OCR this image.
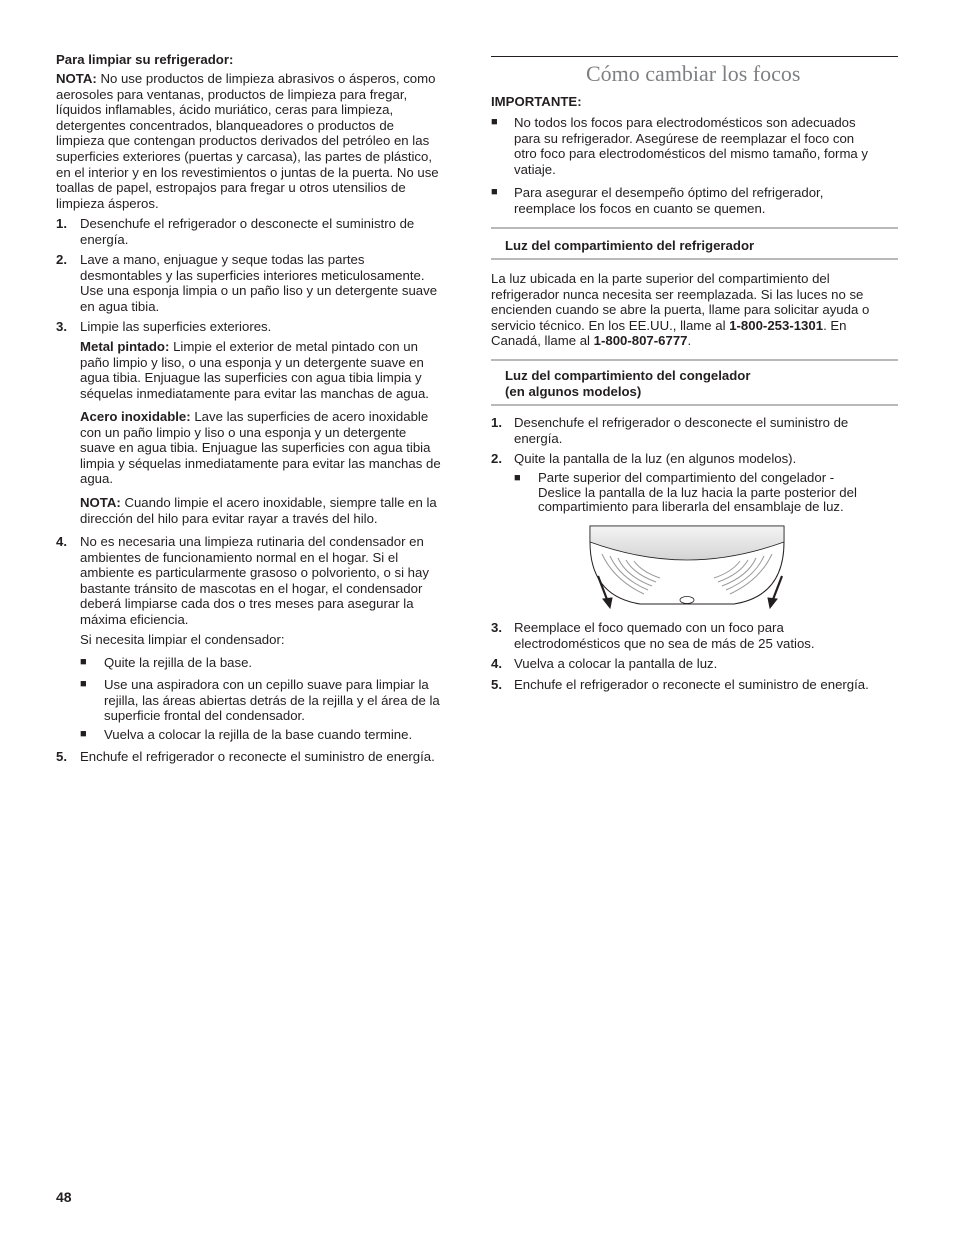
Para limpiar su refrigerador:

NOTA: No use productos de limpieza abrasivos o ásperos, como

aerosoles para ventanas, productos de limpieza para fregar,

líquidos inflamables, ácido muriático, ceras para limpieza,

detergentes concentrados, blanqueadores o productos de

limpieza que contengan productos derivados del petróleo en las

superficies exteriores (puertas y carcasa), las partes de plástico,

en el interior y en los revestimientos o juntas de la puerta. No use

toallas de papel, estropajos para fregar u otros utensilios de

limpieza ásperos.

1. Desenchufe el refrigerador o desconecte el suministro de

energía.

2. Lave a mano, enjuague y seque todas las partes

desmontables y las superficies interiores meticulosamente.

Use una esponja limpia o un paño liso y un detergente suave

en agua tibia.

3. Limpie las superficies exteriores.

Metal pintado: Limpie el exterior de metal pintado con un

paño limpio y liso, o una esponja y un detergente suave en

agua tibia. Enjuague las superficies con agua tibia limpia y

séquelas inmediatamente para evitar las manchas de agua.

Acero inoxidable: Lave las superficies de acero inoxidable

con un paño limpio y liso o una esponja y un detergente

suave en agua tibia. Enjuague las superficies con agua tibia

limpia y séquelas inmediatamente para evitar las manchas de

agua.

NOTA: Cuando limpie el acero inoxidable, siempre talle en la

dirección del hilo para evitar rayar a través del hilo.

4. No es necesaria una limpieza rutinaria del condensador en

ambientes de funcionamiento normal en el hogar. Si el

ambiente es particularmente grasoso o polvoriento, o si hay

bastante tránsito de mascotas en el hogar, el condensador

deberá limpiarse cada dos o tres meses para asegurar la

máxima eficiencia.

Si necesita limpiar el condensador:

■ Quite la rejilla de la base.

■ Use una aspiradora con un cepillo suave para limpiar la

rejilla, las áreas abiertas detrás de la rejilla y el área de la

superficie frontal del condensador.

■ Vuelva a colocar la rejilla de la base cuando termine.

5. Enchufe el refrigerador o reconecte el suministro de energía.

Cómo cambiar los focos

IMPORTANTE:

■ No todos los focos para electrodomésticos son adecuados

para su refrigerador. Asegúrese de reemplazar el foco con

otro foco para electrodomésticos del mismo tamaño, forma y

vatiaje.

■ Para asegurar el desempeño óptimo del refrigerador,

reemplace los focos en cuanto se quemen.

Luz del compartimiento del refrigerador

La luz ubicada en la parte superior del compartimiento del

refrigerador nunca necesita ser reemplazada. Si las luces no se

encienden cuando se abre la puerta, llame para solicitar ayuda o

servicio técnico. En los EE.UU., llame al 1-800-253-1301. En

Canadá, llame al 1-800-807-6777.

Luz del compartimiento del congelador

(en algunos modelos)

1. Desenchufe el refrigerador o desconecte el suministro de

energía.

2. Quite la pantalla de la luz (en algunos modelos).

■ Parte superior del compartimiento del congelador -

Deslice la pantalla de la luz hacia la parte posterior del

compartimiento para liberarla del ensamblaje de luz.

3. Reemplace el foco quemado con un foco para

electrodomésticos que no sea de más de 25 vatios.

4. Vuelva a colocar la pantalla de luz.

5. Enchufe el refrigerador o reconecte el suministro de energía.

48
